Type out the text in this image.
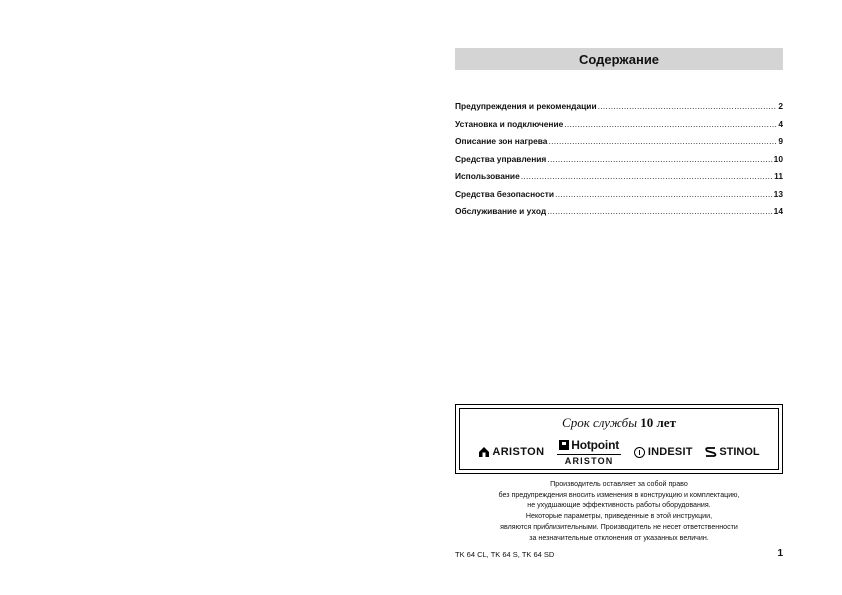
Содержание
Предупреждения и рекомендации .....	2
Установка и подключение .....	4
Описание зон нагрева .....	9
Средства управления .....	10
Использование .....	11
Средства безопасности .....	13
Обслуживание и уход .....	14
Срок службы 10 лет
ARISTON Hotpoint
ARISTON
INDESIT STINOL
Производитель оставляет за собой право
без предупреждения вносить изменения в конструкцию и комплектацию,
не ухудшающие эффективность работы оборудования.
Некоторые параметры, приведенные в этой инструкции,
являются приблизительными. Производитель не несет ответственности
за незначительные отклонения от указанных величин.
TK 64 CL, TK 64 S, TK 64 SD	1
